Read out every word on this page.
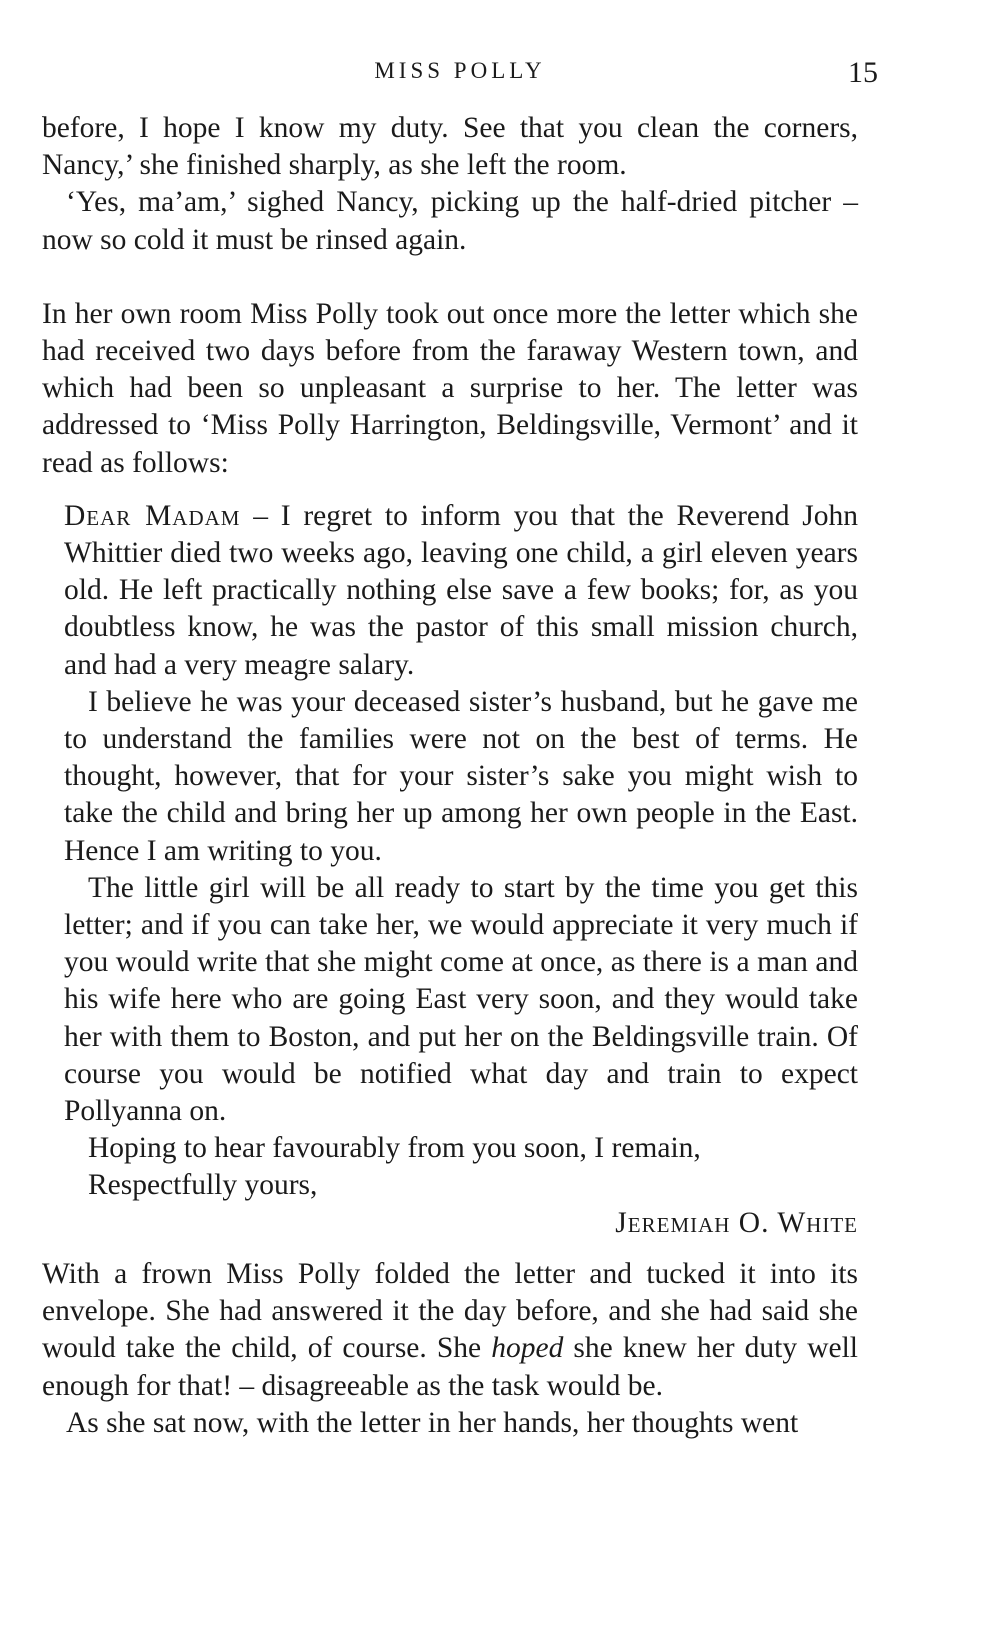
MISS POLLY	15

before, I hope I know my duty. See that you clean the corners, Nancy,’ she finished sharply, as she left the room.

‘Yes, ma’am,’ sighed Nancy, picking up the half-dried pitcher – now so cold it must be rinsed again.

In her own room Miss Polly took out once more the letter which she had received two days before from the faraway Western town, and which had been so unpleasant a surprise to her. The letter was addressed to ‘Miss Polly Harrington, Beldingsville, Vermont’ and it read as follows:

Dear Madam – I regret to inform you that the Reverend John Whittier died two weeks ago, leaving one child, a girl eleven years old. He left practically nothing else save a few books; for, as you doubtless know, he was the pastor of this small mission church, and had a very meagre salary.

I believe he was your deceased sister’s husband, but he gave me to understand the families were not on the best of terms. He thought, however, that for your sister’s sake you might wish to take the child and bring her up among her own people in the East. Hence I am writing to you.

The little girl will be all ready to start by the time you get this letter; and if you can take her, we would appreciate it very much if you would write that she might come at once, as there is a man and his wife here who are going East very soon, and they would take her with them to Boston, and put her on the Beldingsville train. Of course you would be notified what day and train to expect Pollyanna on.

Hoping to hear favourably from you soon, I remain,

Respectfully yours,

Jeremiah O. White

With a frown Miss Polly folded the letter and tucked it into its envelope. She had answered it the day before, and she had said she would take the child, of course. She hoped she knew her duty well enough for that! – disagreeable as the task would be.

As she sat now, with the letter in her hands, her thoughts went
